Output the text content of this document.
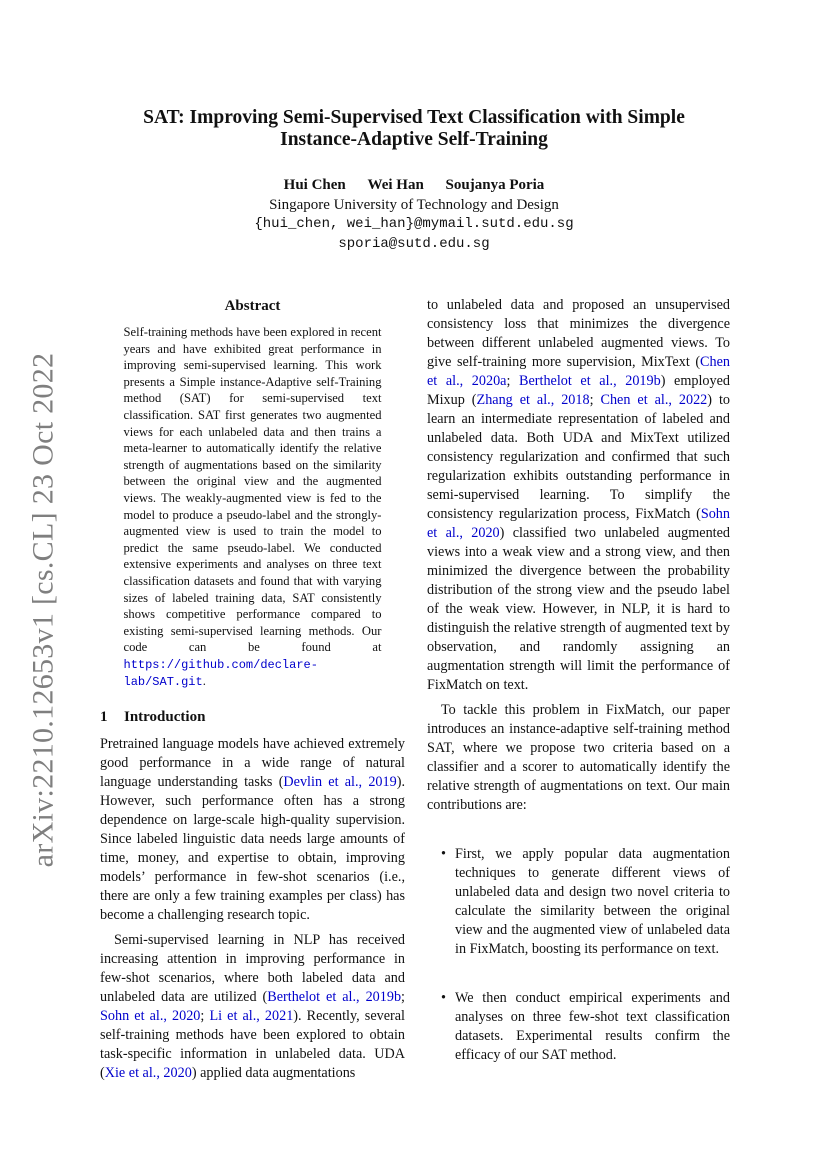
arXiv:2210.12653v1 [cs.CL] 23 Oct 2022
SAT: Improving Semi-Supervised Text Classification with Simple
Instance-Adaptive Self-Training
Hui Chen Wei Han Soujanya Poria
Singapore University of Technology and Design
{hui_chen, wei_han}@mymail.sutd.edu.sg
sporia@sutd.edu.sg
Abstract
Self-training methods have been explored in recent years and have exhibited great performance in improving semi-supervised learning. This work presents a Simple instance-Adaptive self-Training method (SAT) for semi-supervised text classification. SAT first generates two augmented views for each unlabeled data and then trains a meta-learner to automatically identify the relative strength of augmentations based on the similarity between the original view and the augmented views. The weakly-augmented view is fed to the model to produce a pseudo-label and the strongly-augmented view is used to train the model to predict the same pseudo-label. We conducted extensive experiments and analyses on three text classification datasets and found that with varying sizes of labeled training data, SAT consistently shows competitive performance compared to existing semi-supervised learning methods. Our code can be found at https://github.com/declare-lab/SAT.git.
1 Introduction

Pretrained language models have achieved extremely good performance in a wide range of natural language understanding tasks (Devlin et al., 2019). However, such performance often has a strong dependence on large-scale high-quality supervision. Since labeled linguistic data needs large amounts of time, money, and expertise to obtain, improving models’ performance in few-shot scenarios (i.e., there are only a few training examples per class) has become a challenging research topic.

Semi-supervised learning in NLP has received increasing attention in improving performance in few-shot scenarios, where both labeled data and unlabeled data are utilized (Berthelot et al., 2019b; Sohn et al., 2020; Li et al., 2021). Recently, several self-training methods have been explored to obtain task-specific information in unlabeled data. UDA (Xie et al., 2020) applied data augmentations

to unlabeled data and proposed an unsupervised consistency loss that minimizes the divergence between different unlabeled augmented views. To give self-training more supervision, MixText (Chen et al., 2020a; Berthelot et al., 2019b) employed Mixup (Zhang et al., 2018; Chen et al., 2022) to learn an intermediate representation of labeled and unlabeled data. Both UDA and MixText utilized consistency regularization and confirmed that such regularization exhibits outstanding performance in semi-supervised learning. To simplify the consistency regularization process, FixMatch (Sohn et al., 2020) classified two unlabeled augmented views into a weak view and a strong view, and then minimized the divergence between the probability distribution of the strong view and the pseudo label of the weak view. However, in NLP, it is hard to distinguish the relative strength of augmented text by observation, and randomly assigning an augmentation strength will limit the performance of FixMatch on text.

To tackle this problem in FixMatch, our paper introduces an instance-adaptive self-training method SAT, where we propose two criteria based on a classifier and a scorer to automatically identify the relative strength of augmentations on text. Our main contributions are:

• First, we apply popular data augmentation techniques to generate different views of unlabeled data and design two novel criteria to calculate the similarity between the original view and the augmented view of unlabeled data in FixMatch, boosting its performance on text.
• We then conduct empirical experiments and analyses on three few-shot text classification datasets. Experimental results confirm the efficacy of our SAT method.
